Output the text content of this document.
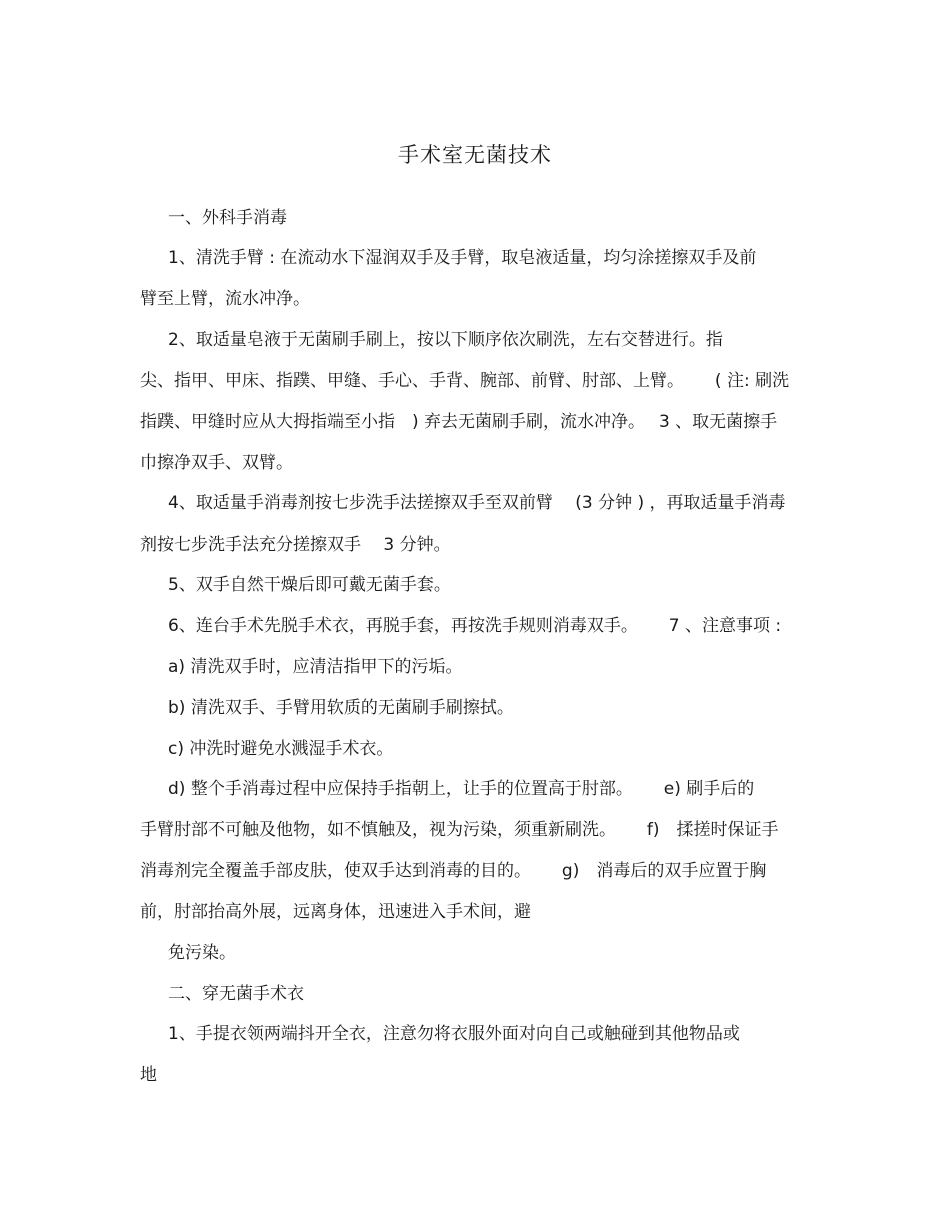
手术室无菌技术
一、外科手消毒
1、清洗手臂 : 在流动水下湿润双手及手臂，取皂液适量，均匀涂搓擦双手及前
臂至上臂，流水冲净。
2、取适量皂液于无菌刷手刷上，按以下顺序依次刷洗，左右交替进行。指
尖、指甲、甲床、指蹼、甲缝、手心、手背、腕部、前臂、肘部、上臂。　　 ( 注: 刷洗
指蹼、甲缝时应从大拇指端至小指　) 弃去无菌刷手刷，流水冲净。　 3 、取无菌擦手
巾擦净双手、双臂。
4、取适量手消毒剂按七步洗手法搓擦双手至双前臂　 (3 分钟 ) ，再取适量手消毒
剂按七步洗手法充分搓擦双手　 3 分钟。
5、双手自然干燥后即可戴无菌手套。
6、连台手术先脱手术衣，再脱手套，再按洗手规则消毒双手。　　 7 、注意事项 :
a) 清洗双手时，应清洁指甲下的污垢。
b) 清洗双手、手臂用软质的无菌刷手刷擦拭。
c) 冲洗时避免水溅湿手术衣。
d) 整个手消毒过程中应保持手指朝上，让手的位置高于肘部。　　 e) 刷手后的
手臂肘部不可触及他物，如不慎触及，视为污染，须重新刷洗。　　 f)　揉搓时保证手
消毒剂完全覆盖手部皮肤，使双手达到消毒的目的。　　 g)　消毒后的双手应置于胸
前，肘部抬高外展，远离身体，迅速进入手术间，避
免污染。
二、穿无菌手术衣
1、手提衣领两端抖开全衣，注意勿将衣服外面对向自己或触碰到其他物品或
地
